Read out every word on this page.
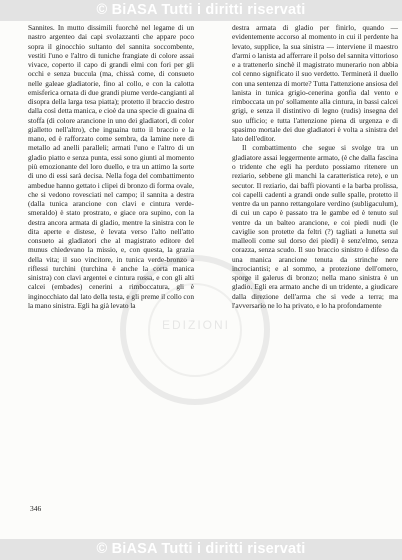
© BiASA Tutti i diritti riservati
EDIZIONI

Sannites. In mutto dissimili fuorchè nel legame di un nastro argenteo dai capi svolazzanti che appare poco sopra il ginocchio sultanto del sannita soccombente, vestiti l'uno e l'altro di tuniche frangiate di colore assai vivace, coperto il capo di grandi elmi con fori per gli occhi e senza buccula (ma, chissà come, di consueto nelle galeae gladiatorie, fino al collo, e con la calotta emisferica ornata di due grandi piume verde-cangianti al disopra della larga tesa piatta); protetto il braccio destro dalla così detta manica, e cioè da una specie di guaina di stoffa (di colore arancione in uno dei gladiatori, di color gialletto nell'altro), che inguaina tutto il braccio e la mano, ed è rafforzato come sembra, da lamine nere di metallo ad anelli paralleli; armati l'uno e l'altro di un gladio piatto e senza punta, essi sono giunti al momento più emozionante del loro duello, e tra un attimo la sorte di uno di essi sarà decisa. Nella foga del combattimento ambedue hanno gettato i clipei di bronzo di forma ovale, che si vedono rovesciati nel campo; il sannita a destra (dalla tunica arancione con clavi e cintura verde-smeraldo) è stato prostrato, e giace ora supino, con la destra ancora armata di gladio, mentre la sinistra con le dita aperte e distese, è levata verso l'alto nell'atto consueto ai gladiatori che al magistrato editore del munus chiedevano la missio, e, con questa, la grazia della vita; il suo vincitore, in tunica verde-bronzo a riflessi turchini (turchina è anche la corta manica sinistra) con clavi argentei e cintura rossa, e con gli alti calcei (embades) cenerini a rimboccatura, gli è inginocchiato dal lato della testa, e gli preme il collo con la mano sinistra. Egli ha già levato la

destra armata di gladio per finirlo, quando — evidentemente accorso al momento in cui il perdente ha levato, supplice, la sua sinistra — interviene il maestro d'armi o lanista ad afferrare il polso del sannita vittorioso e a trattenerlo sinchè il magistrato munerario non abbia col cenno significato il suo verdetto. Terminerà il duello con una sentenza di morte? Tutta l'attenzione ansiosa del lanista in tunica grigio-cenerina gonfia dal vento e rimboccata un po' sollamente alla cintura, in bassi calcei grigi, e senza il distintivo di legno (rudis) insegna del suo ufficio; e tutta l'attenzione piena di urgenza e di spasimo mortale dei due gladiatori è volta a sinistra del lato dell'editor.

Il combattimento che segue si svolge tra un gladiatore assai leggermente armato, (è che dalla fascina o tridente che egli ha perduto possiamo ritenere un reziario, sebbene gli manchi la caratteristica rete), e un secutor. Il reziario, dai baffi piovanti e la barba prolissa, coi capelli cadenti a grandi onde sulle spalle, protetto il ventre da un panno rettangolare verdino (subligaculum), di cui un capo è passato tra le gambe ed è tenuto sul ventre da un balteo arancione, e coi piedi nudi (le caviglie son protette da feltri (?) tagliati a lunetta sul malleoli come sul dorso dei piedi) è senz'elmo, senza corazza, senza scudo. Il suo braccio sinistro è difeso da una manica arancione tenuta da strinche nere incrociantisi; e al sommo, a protezione dell'omero, sporge il galerus di bronzo; nella mano sinistra è un gladio. Egli era armato anche di un tridente, a giudicare dalla direzione dell'arma che si vede a terra; ma l'avversario ne lo ha privato, e lo ha profondamente

346
© BiASA Tutti i diritti riservati
